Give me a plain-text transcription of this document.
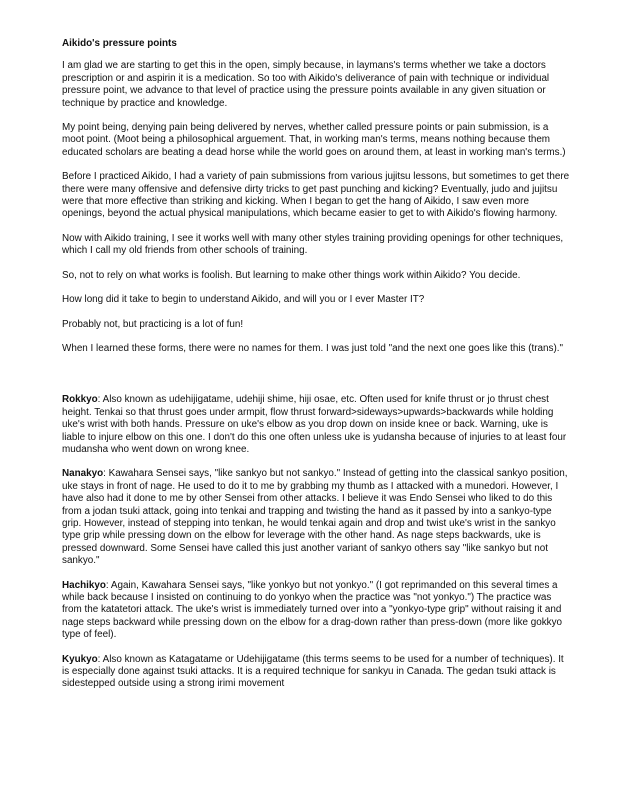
Aikido's pressure points

I am glad we are starting to get this in the open, simply because, in laymans's terms whether we take a doctors prescription or and aspirin it is a medication. So too with Aikido's deliverance of pain with technique or individual pressure point, we advance to that level of practice using the pressure points available in any given situation or technique by practice and knowledge.

My point being, denying pain being delivered by nerves, whether called pressure points or pain submission, is a moot point. (Moot being a philosophical arguement. That, in working man's terms, means nothing because them educated scholars are beating a dead horse while the world goes on around them, at least in working man's terms.)

Before I practiced Aikido, I had a variety of pain submissions from various jujitsu lessons, but sometimes to get there there were many offensive and defensive dirty tricks to get past punching and kicking? Eventually, judo and jujitsu were that more effective than striking and kicking. When I began to get the hang of Aikido, I saw even more openings, beyond the actual physical manipulations, which became easier to get to with Aikido's flowing harmony.

Now with Aikido training, I see it works well with many other styles training providing openings for other techniques, which I call my old friends from other schools of training.

So, not to rely on what works is foolish. But learning to make other things work within Aikido? You decide.

How long did it take to begin to understand Aikido, and will you or I ever Master IT?

Probably not, but practicing is a lot of fun!

When I learned these forms, there were no names for them. I was just told "and the next one goes like this (trans)."

Rokkyo: Also known as udehijigatame, udehiji shime, hiji osae, etc. Often used for knife thrust or jo thrust chest height. Tenkai so that thrust goes under armpit, flow thrust forward>sideways>upwards>backwards while holding uke's wrist with both hands. Pressure on uke's elbow as you drop down on inside knee or back. Warning, uke is liable to injure elbow on this one. I don't do this one often unless uke is yudansha because of injuries to at least four mudansha who went down on wrong knee.

Nanakyo: Kawahara Sensei says, "like sankyo but not sankyo." Instead of getting into the classical sankyo position, uke stays in front of nage. He used to do it to me by grabbing my thumb as I attacked with a munedori. However, I have also had it done to me by other Sensei from other attacks. I believe it was Endo Sensei who liked to do this from a jodan tsuki attack, going into tenkai and trapping and twisting the hand as it passed by into a sankyo-type grip. However, instead of stepping into tenkan, he would tenkai again and drop and twist uke's wrist in the sankyo type grip while pressing down on the elbow for leverage with the other hand. As nage steps backwards, uke is pressed downward. Some Sensei have called this just another variant of sankyo others say "like sankyo but not sankyo."

Hachikyo: Again, Kawahara Sensei says, "like yonkyo but not yonkyo." (I got reprimanded on this several times a while back because I insisted on continuing to do yonkyo when the practice was "not yonkyo.") The practice was from the katatetori attack. The uke's wrist is immediately turned over into a "yonkyo-type grip" without raising it and nage steps backward while pressing down on the elbow for a drag-down rather than press-down (more like gokkyo type of feel).

Kyukyo: Also known as Katagatame or Udehijigatame (this terms seems to be used for a number of techniques). It is especially done against tsuki attacks. It is a required technique for sankyu in Canada. The gedan tsuki attack is sidestepped outside using a strong irimi movement
